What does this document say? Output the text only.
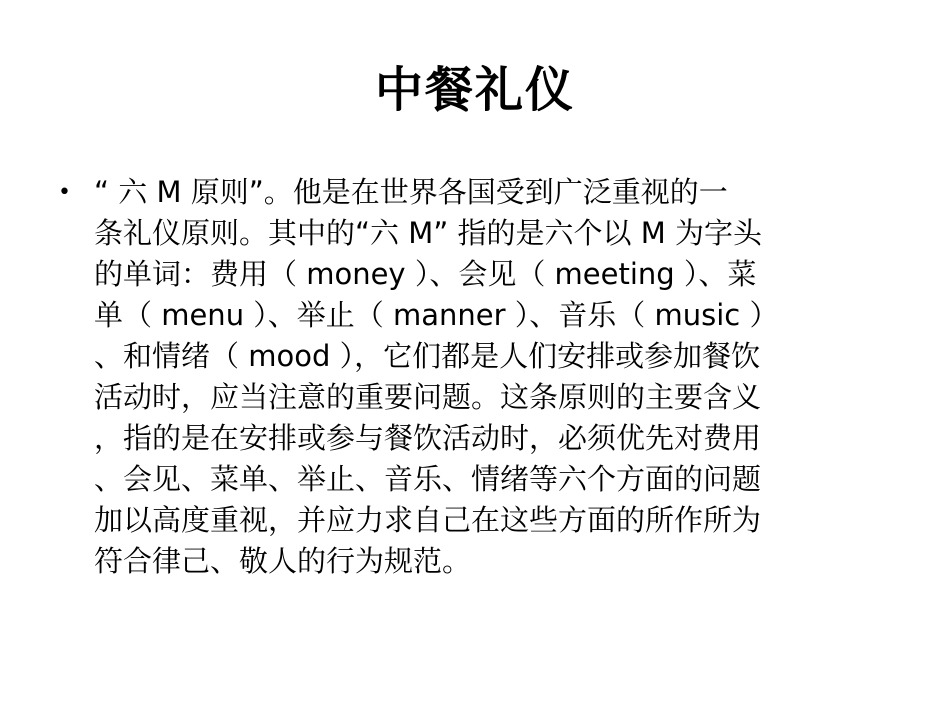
中餐礼仪
• “ 六 M 原则”。他是在世界各国受到广泛重视的一
条礼仪原则。其中的“六 M” 指的是六个以 M 为字头
的单词：费用（ money ）、会见（ meeting ）、菜
单（ menu ）、举止（ manner ）、音乐（ music ）
、和情绪（ mood ），它们都是人们安排或参加餐饮
活动时，应当注意的重要问题。这条原则的主要含义
，指的是在安排或参与餐饮活动时，必须优先对费用
、会见、菜单、举止、音乐、情绪等六个方面的问题
加以高度重视，并应力求自己在这些方面的所作所为
符合律己、敬人的行为规范。
